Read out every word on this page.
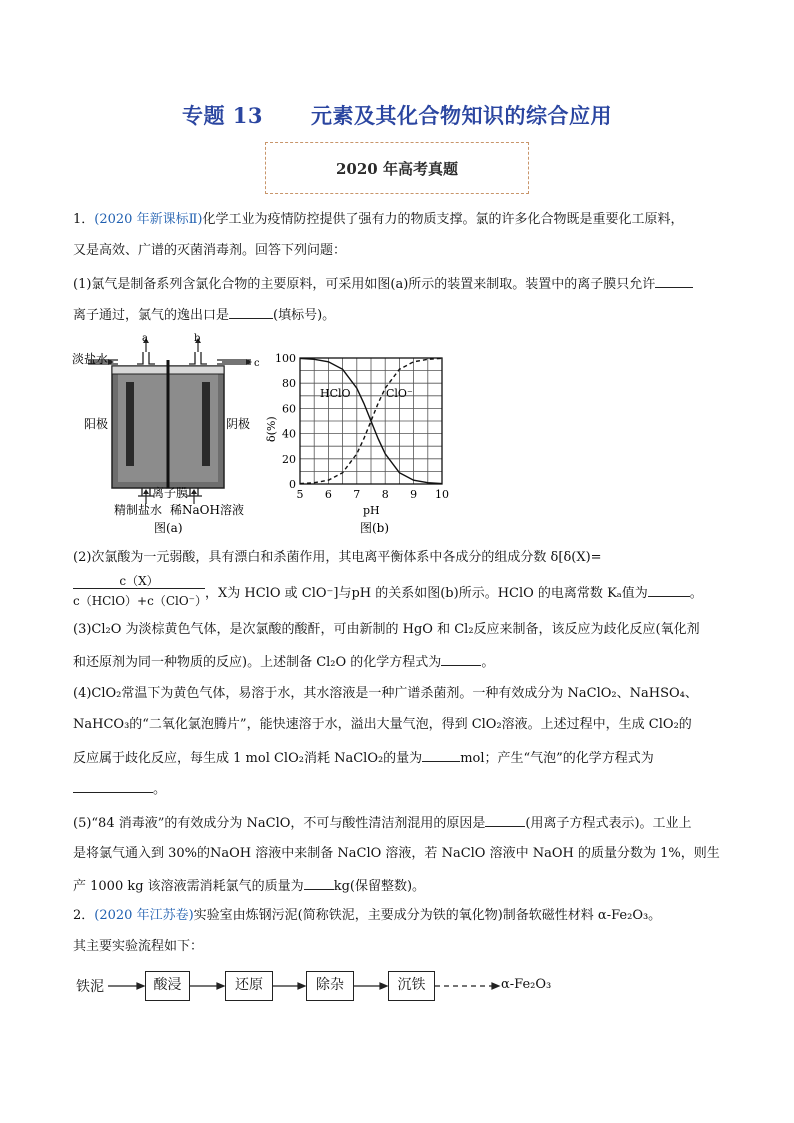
专题 13 元素及其化合物知识的综合应用
2020 年高考真题
1．(2020 年新课标Ⅱ)化学工业为疫情防控提供了强有力的物质支撑。氯的许多化合物既是重要化工原料，
又是高效、广谱的灭菌消毒剂。回答下列问题：
(1)氯气是制备系列含氯化合物的主要原料，可采用如图(a)所示的装置来制取。装置中的离子膜只允许
离子通过，氯气的逸出口是	(填标号)。
a	b
c
淡盐水
阳极	阴极
离子膜
精制盐水 稀NaOH溶液
图(a)
5 6 7 8 9 10
0
20
40
60
80
100
HClO	ClO⁻
δ(%)
pH
图(b)
(2)次氯酸为一元弱酸，具有漂白和杀菌作用，其电离平衡体系中各成分的组成分数 δ[δ(X)=
c（X）
c（HClO）+c（ClO⁻）
，X为 HClO 或 ClO⁻]与pH 的关系如图(b)所示。HClO 的电离常数 Kₐ值为	。
(3)Cl₂O 为淡棕黄色气体，是次氯酸的酸酐，可由新制的 HgO 和 Cl₂反应来制备，该反应为歧化反应(氧化剂
和还原剂为同一种物质的反应)。上述制备 Cl₂O 的化学方程式为	。
(4)ClO₂常温下为黄色气体，易溶于水，其水溶液是一种广谱杀菌剂。一种有效成分为 NaClO₂、NaHSO₄、
NaHCO₃的“二氧化氯泡腾片”，能快速溶于水，溢出大量气泡，得到 ClO₂溶液。上述过程中，生成 ClO₂的
反应属于歧化反应，每生成 1 mol ClO₂消耗 NaClO₂的量为	mol；产生“气泡”的化学方程式为
。
(5)“84 消毒液”的有效成分为 NaClO，不可与酸性清洁剂混用的原因是	(用离子方程式表示)。工业上
是将氯气通入到 30%的NaOH 溶液中来制备 NaClO 溶液，若 NaClO 溶液中 NaOH 的质量分数为 1%，则生
产 1000 kg 该溶液需消耗氯气的质量为 kg(保留整数)。
2．(2020 年江苏卷)实验室由炼钢污泥(简称铁泥，主要成分为铁的氧化物)制备软磁性材料 α-Fe₂O₃。
其主要实验流程如下：
铁泥	酸浸	还原	除杂	沉铁	α-Fe₂O₃
